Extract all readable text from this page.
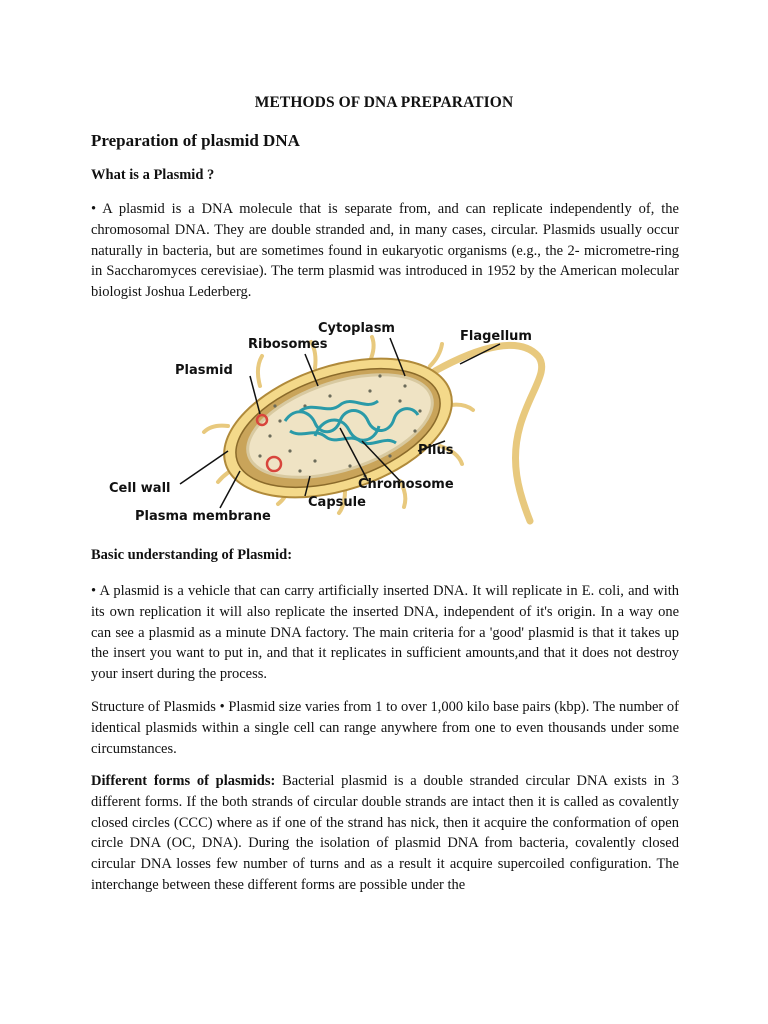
METHODS OF DNA PREPARATION
Preparation of plasmid DNA
What is a Plasmid ?

• A plasmid is a DNA molecule that is separate from, and can replicate independently of, the chromosomal DNA. They are double stranded and, in many cases, circular. Plasmids usually occur naturally in bacteria, but are sometimes found in eukaryotic organisms (e.g., the 2- micrometre-ring in Saccharomyces cerevisiae). The term plasmid was introduced in 1952 by the American molecular biologist Joshua Lederberg.

Cytoplasm
Flagellum
Ribosomes
Plasmid
Pilus
Cell wall	Chromosome
Capsule
Plasma membrane
Basic understanding of Plasmid:

• A plasmid is a vehicle that can carry artificially inserted DNA. It will replicate in E. coli, and with its own replication it will also replicate the inserted DNA, independent of it's origin. In a way one can see a plasmid as a minute DNA factory. The main criteria for a 'good' plasmid is that it takes up the insert you want to put in, and that it replicates in sufficient amounts,and that it does not destroy your insert during the process.

Structure of Plasmids • Plasmid size varies from 1 to over 1,000 kilo base pairs (kbp). The number of identical plasmids within a single cell can range anywhere from one to even thousands under some circumstances.

Different forms of plasmids: Bacterial plasmid is a double stranded circular DNA exists in 3 different forms. If the both strands of circular double strands are intact then it is called as covalently closed circles (CCC) where as if one of the strand has nick, then it acquire the conformation of open circle DNA (OC, DNA). During the isolation of plasmid DNA from bacteria, covalently closed circular DNA losses few number of turns and as a result it acquire supercoiled configuration. The interchange between these different forms are possible under the
